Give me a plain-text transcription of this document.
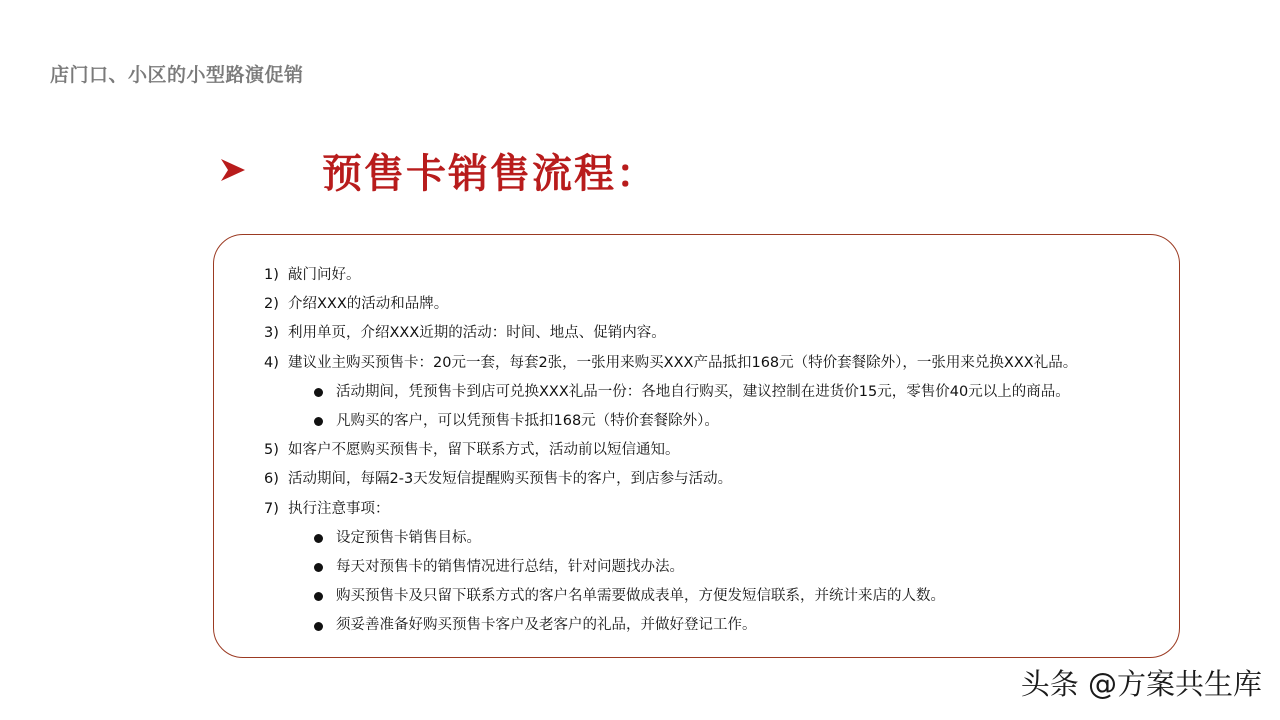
店门口、小区的小型路演促销
预售卡销售流程：
1) 敲门问好。
2) 介绍XXX的活动和品牌。
3) 利用单页，介绍XXX近期的活动：时间、地点、促销内容。
4) 建议业主购买预售卡：20元一套，每套2张，一张用来购买XXX产品抵扣168元（特价套餐除外），一张用来兑换XXX礼品。
活动期间，凭预售卡到店可兑换XXX礼品一份：各地自行购买，建议控制在进货价15元，零售价40元以上的商品。
凡购买的客户，可以凭预售卡抵扣168元（特价套餐除外）。
5) 如客户不愿购买预售卡，留下联系方式，活动前以短信通知。
6) 活动期间，每隔2-3天发短信提醒购买预售卡的客户，到店参与活动。
7) 执行注意事项：
设定预售卡销售目标。
每天对预售卡的销售情况进行总结，针对问题找办法。
购买预售卡及只留下联系方式的客户名单需要做成表单，方便发短信联系，并统计来店的人数。
须妥善准备好购买预售卡客户及老客户的礼品，并做好登记工作。
头条 @方案共生库
